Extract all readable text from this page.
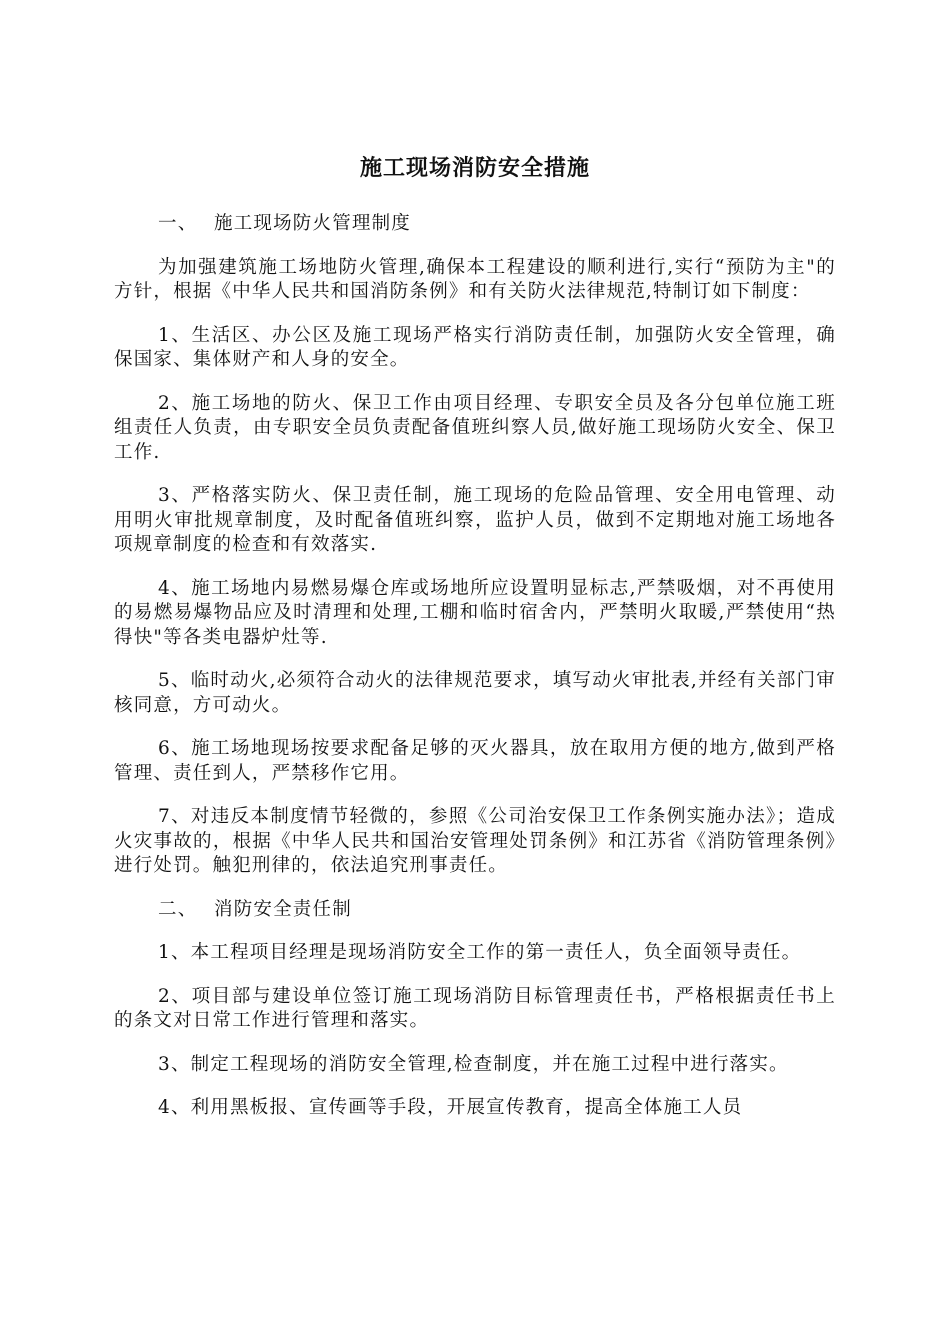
施工现场消防安全措施
一、 施工现场防火管理制度

为加强建筑施工场地防火管理,确保本工程建设的顺利进行,实行“预防为主"的方针，根据《中华人民共和国消防条例》和有关防火法律规范,特制订如下制度：

1、生活区、办公区及施工现场严格实行消防责任制，加强防火安全管理，确保国家、集体财产和人身的安全。

2、施工场地的防火、保卫工作由项目经理、专职安全员及各分包单位施工班组责任人负责，由专职安全员负责配备值班纠察人员,做好施工现场防火安全、保卫工作.

3、严格落实防火、保卫责任制，施工现场的危险品管理、安全用电管理、动用明火审批规章制度，及时配备值班纠察，监护人员，做到不定期地对施工场地各项规章制度的检查和有效落实.

4、施工场地内易燃易爆仓库或场地所应设置明显标志,严禁吸烟，对不再使用的易燃易爆物品应及时清理和处理,工棚和临时宿舍内，严禁明火取暖,严禁使用“热得快"等各类电器炉灶等.

5、临时动火,必须符合动火的法律规范要求，填写动火审批表,并经有关部门审核同意，方可动火。

6、施工场地现场按要求配备足够的灭火器具，放在取用方便的地方,做到严格管理、责任到人，严禁移作它用。

7、对违反本制度情节轻微的，参照《公司治安保卫工作条例实施办法》；造成火灾事故的，根据《中华人民共和国治安管理处罚条例》和江苏省《消防管理条例》进行处罚。触犯刑律的，依法追究刑事责任。

二、 消防安全责任制

1、本工程项目经理是现场消防安全工作的第一责任人，负全面领导责任。

2、项目部与建设单位签订施工现场消防目标管理责任书，严格根据责任书上的条文对日常工作进行管理和落实。

3、制定工程现场的消防安全管理,检查制度，并在施工过程中进行落实。

4、利用黑板报、宣传画等手段，开展宣传教育，提高全体施工人员
